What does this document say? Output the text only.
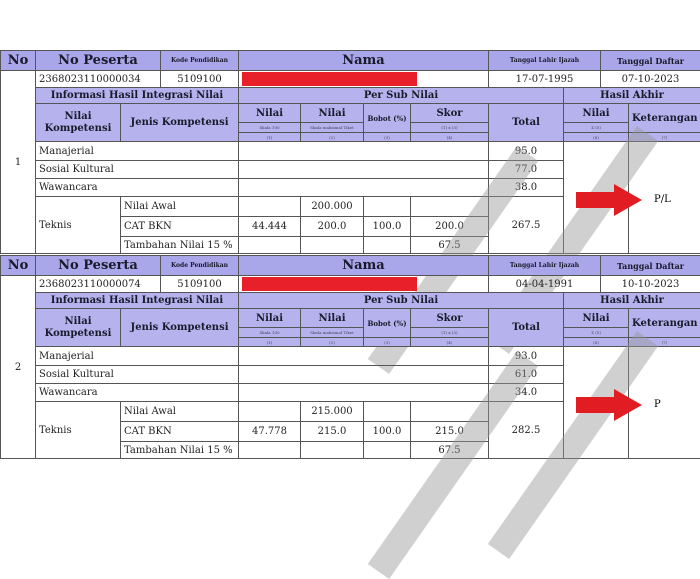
No	No Peserta		Kode Pendidikan	Nama				Tanggal Lahir Ijazah		Tanggal Daftar	
1	2368023110000034		5109100					17-07-1995		07-10-2023	
	Informasi Hasil Integrasi Nilai			Per Sub Nilai					Hasil Akhir		
	Nilai Kompetensi	Jenis Kompetensi		Nilai	Nilai	Bobot (%)	Skor	Total	Nilai		Keterangan
				Skala 100	Skala maksimal Tiket		(1) x (3)		Σ (5)		
				(1)	(2)	(3)	(4)		(6)		(7)
	Manajerial							95.0			
	Sosial Kultural							77.0			
	Wawancara							38.0			
	Teknis	Nilai Awal			200.000			267.5			
		CAT BKN		44.444	200.0	100.0	200.0				
		Tambahan Nilai 15 %					67.5				
P/L
No	No Peserta		Kode Pendidikan	Nama				Tanggal Lahir Ijazah		Tanggal Daftar	
2	2368023110000074		5109100					04-04-1991		10-10-2023	
	Informasi Hasil Integrasi Nilai			Per Sub Nilai					Hasil Akhir		
	Nilai Kompetensi	Jenis Kompetensi		Nilai	Nilai	Bobot (%)	Skor	Total	Nilai		Keterangan
				Skala 100	Skala maksimal Tiket		(1) x (3)		Σ (5)		
				(1)	(2)	(3)	(4)		(6)		(7)
	Manajerial							93.0			
	Sosial Kultural							61.0			
	Wawancara							34.0			
	Teknis	Nilai Awal			215.000			282.5			
		CAT BKN		47.778	215.0	100.0	215.0				
		Tambahan Nilai 15 %					67.5				
P
